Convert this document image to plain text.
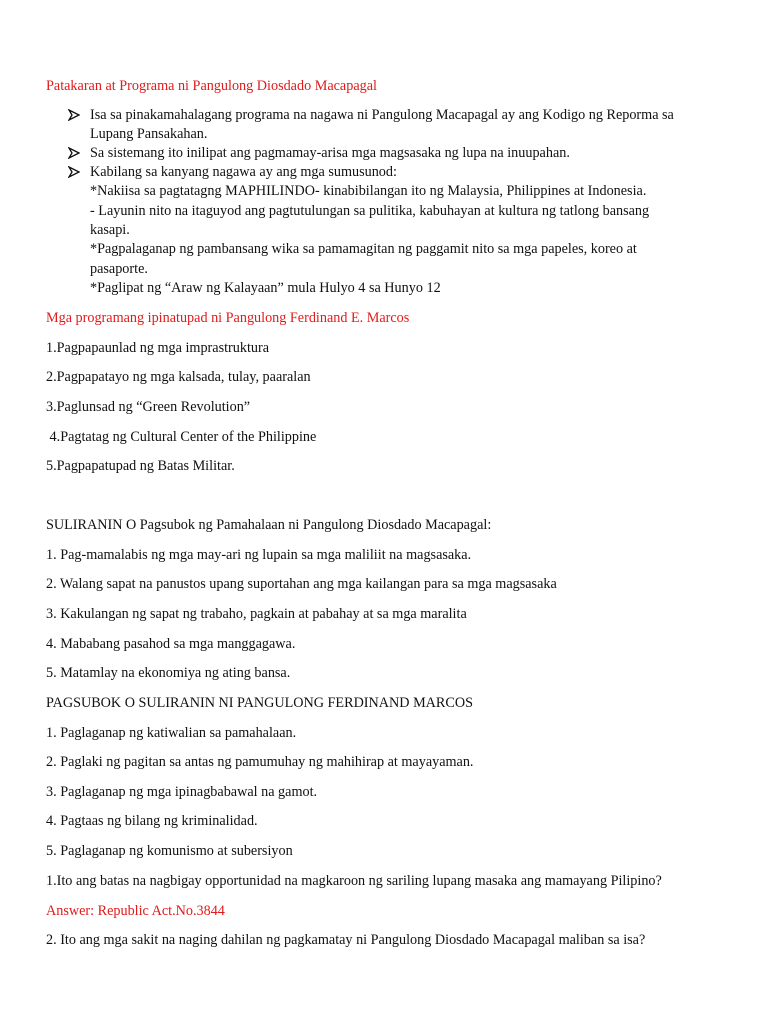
Patakaran at Programa ni Pangulong Diosdado Macapagal
Isa sa pinakamahalagang programa na nagawa ni Pangulong Macapagal ay ang Kodigo ng Reporma sa
Lupang Pansakahan.
Sa sistemang ito inilipat ang pagmamay-arisa mga magsasaka ng lupa na inuupahan.
Kabilang sa kanyang nagawa ay ang mga sumusunod:
*Nakiisa sa pagtatagng MAPHILINDO- kinabibilangan ito ng Malaysia, Philippines at Indonesia.
- Layunin nito na itaguyod ang pagtutulungan sa pulitika, kabuhayan at kultura ng tatlong bansang
kasapi.
*Pagpalaganap ng pambansang wika sa pamamagitan ng paggamit nito sa mga papeles, koreo at
pasaporte.
*Paglipat ng “Araw ng Kalayaan” mula Hulyo 4 sa Hunyo 12
Mga programang ipinatupad ni Pangulong Ferdinand E. Marcos
1.Pagpapaunlad ng mga imprastruktura
2.Pagpapatayo ng mga kalsada, tulay, paaralan
3.Paglunsad ng “Green Revolution”
4.Pagtatag ng Cultural Center of the Philippine
5.Pagpapatupad ng Batas Militar.
SULIRANIN O Pagsubok ng Pamahalaan ni Pangulong Diosdado Macapagal:
1. Pag-mamalabis ng mga may-ari ng lupain sa mga maliliit na magsasaka.
2. Walang sapat na panustos upang suportahan ang mga kailangan para sa mga magsasaka
3. Kakulangan ng sapat ng trabaho, pagkain at pabahay at sa mga maralita
4. Mababang pasahod sa mga manggagawa.
5. Matamlay na ekonomiya ng ating bansa.
PAGSUBOK O SULIRANIN NI PANGULONG FERDINAND MARCOS
1. Paglaganap ng katiwalian sa pamahalaan.
2. Paglaki ng pagitan sa antas ng pamumuhay ng mahihirap at mayayaman.
3. Paglaganap ng mga ipinagbabawal na gamot.
4. Pagtaas ng bilang ng kriminalidad.
5. Paglaganap ng komunismo at subersiyon
1.Ito ang batas na nagbigay opportunidad na magkaroon ng sariling lupang masaka ang mamayang Pilipino?
Answer: Republic Act.No.3844
2. Ito ang mga sakit na naging dahilan ng pagkamatay ni Pangulong Diosdado Macapagal maliban sa isa?
